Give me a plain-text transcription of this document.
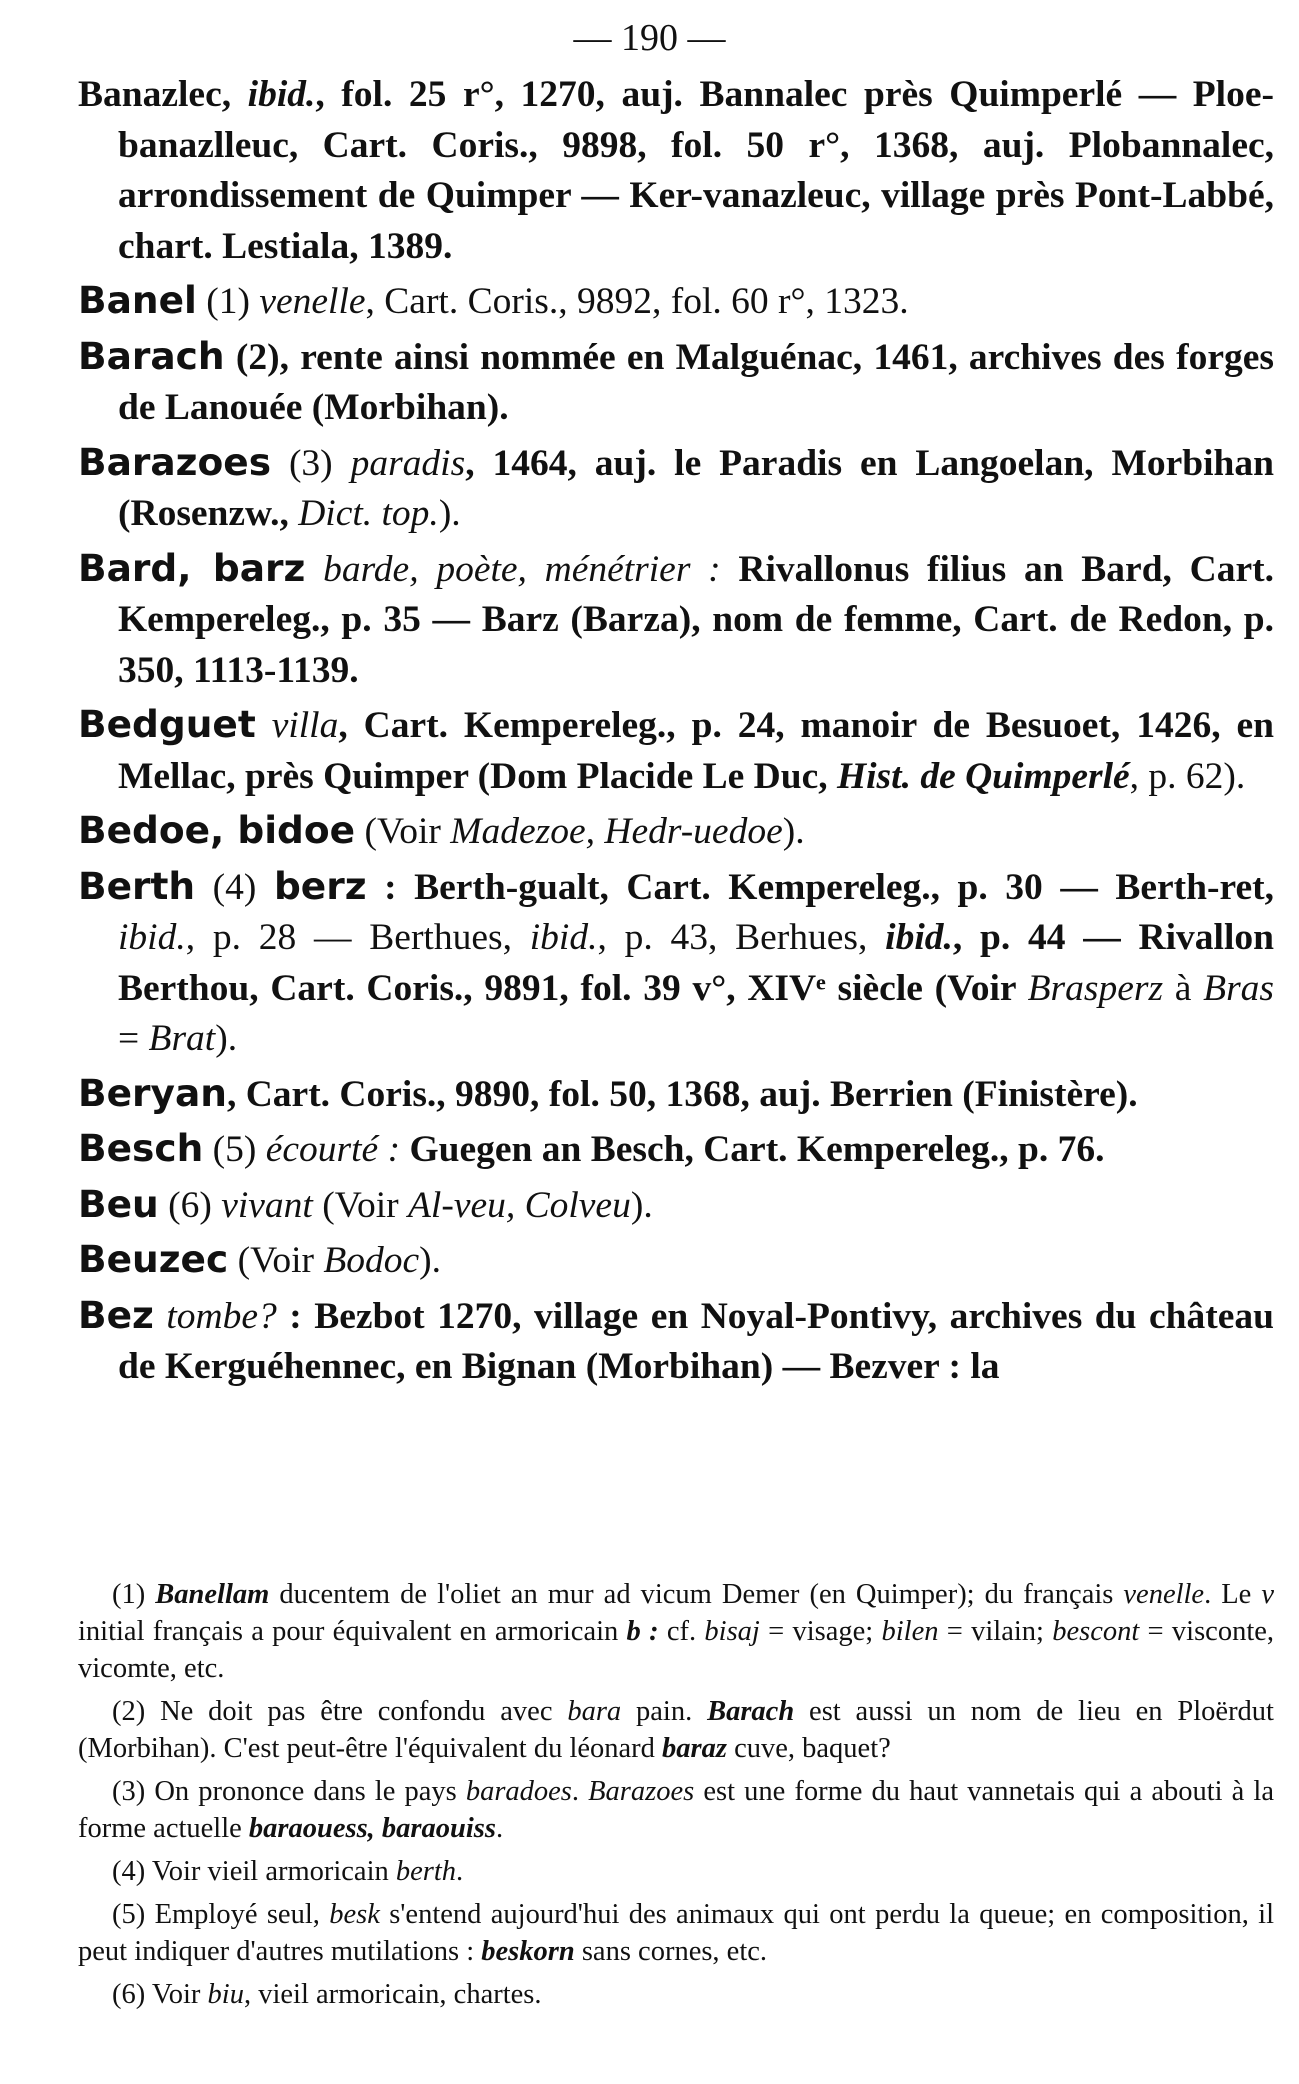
— 190 —

Banazlec, ibid., fol. 25 r°, 1270, auj. Bannalec près Quimperlé — Ploe-banazlleuc, Cart. Coris., 9898, fol. 50 r°, 1368, auj. Plobannalec, arrondissement de Quimper — Ker-vanazleuc, village près Pont-Labbé, chart. Lestiala, 1389.

Banel (1) venelle, Cart. Coris., 9892, fol. 60 r°, 1323.

Barach (2), rente ainsi nommée en Malguénac, 1461, archives des forges de Lanouée (Morbihan).

Barazoes (3) paradis, 1464, auj. le Paradis en Langoelan, Morbihan (Rosenzw., Dict. top.).

Bard, barz barde, poète, ménétrier : Rivallonus filius an Bard, Cart. Kempereleg., p. 35 — Barz (Barza), nom de femme, Cart. de Redon, p. 350, 1113-1139.

Bedguet villa, Cart. Kempereleg., p. 24, manoir de Besuoet, 1426, en Mellac, près Quimper (Dom Placide Le Duc, Hist. de Quimperlé, p. 62).

Bedoe, bidoe (Voir Madezoe, Hedr-uedoe).

Berth (4) berz : Berth-gualt, Cart. Kempereleg., p. 30 — Berth-ret, ibid., p. 28 — Berthues, ibid., p. 43, Berhues, ibid., p. 44 — Rivallon Berthou, Cart. Coris., 9891, fol. 39 v°, XIVᵉ siècle (Voir Brasperz à Bras = Brat).

Beryan, Cart. Coris., 9890, fol. 50, 1368, auj. Berrien (Finistère).

Besch (5) écourté : Guegen an Besch, Cart. Kempereleg., p. 76.

Beu (6) vivant (Voir Al-veu, Colveu).

Beuzec (Voir Bodoc).

Bez tombe? : Bezbot 1270, village en Noyal-Pontivy, archives du château de Kerguéhennec, en Bignan (Morbihan) — Bezver : la

(1) Banellam ducentem de l'oliet an mur ad vicum Demer (en Quimper); du français venelle. Le v initial français a pour équivalent en armoricain b : cf. bisaj = visage; bilen = vilain; bescont = visconte, vicomte, etc.

(2) Ne doit pas être confondu avec bara pain. Barach est aussi un nom de lieu en Ploërdut (Morbihan). C'est peut-être l'équivalent du léonard baraz cuve, baquet?

(3) On prononce dans le pays baradoes. Barazoes est une forme du haut vannetais qui a abouti à la forme actuelle baraouess, baraouiss.

(4) Voir vieil armoricain berth.

(5) Employé seul, besk s'entend aujourd'hui des animaux qui ont perdu la queue; en composition, il peut indiquer d'autres mutilations : beskorn sans cornes, etc.

(6) Voir biu, vieil armoricain, chartes.
